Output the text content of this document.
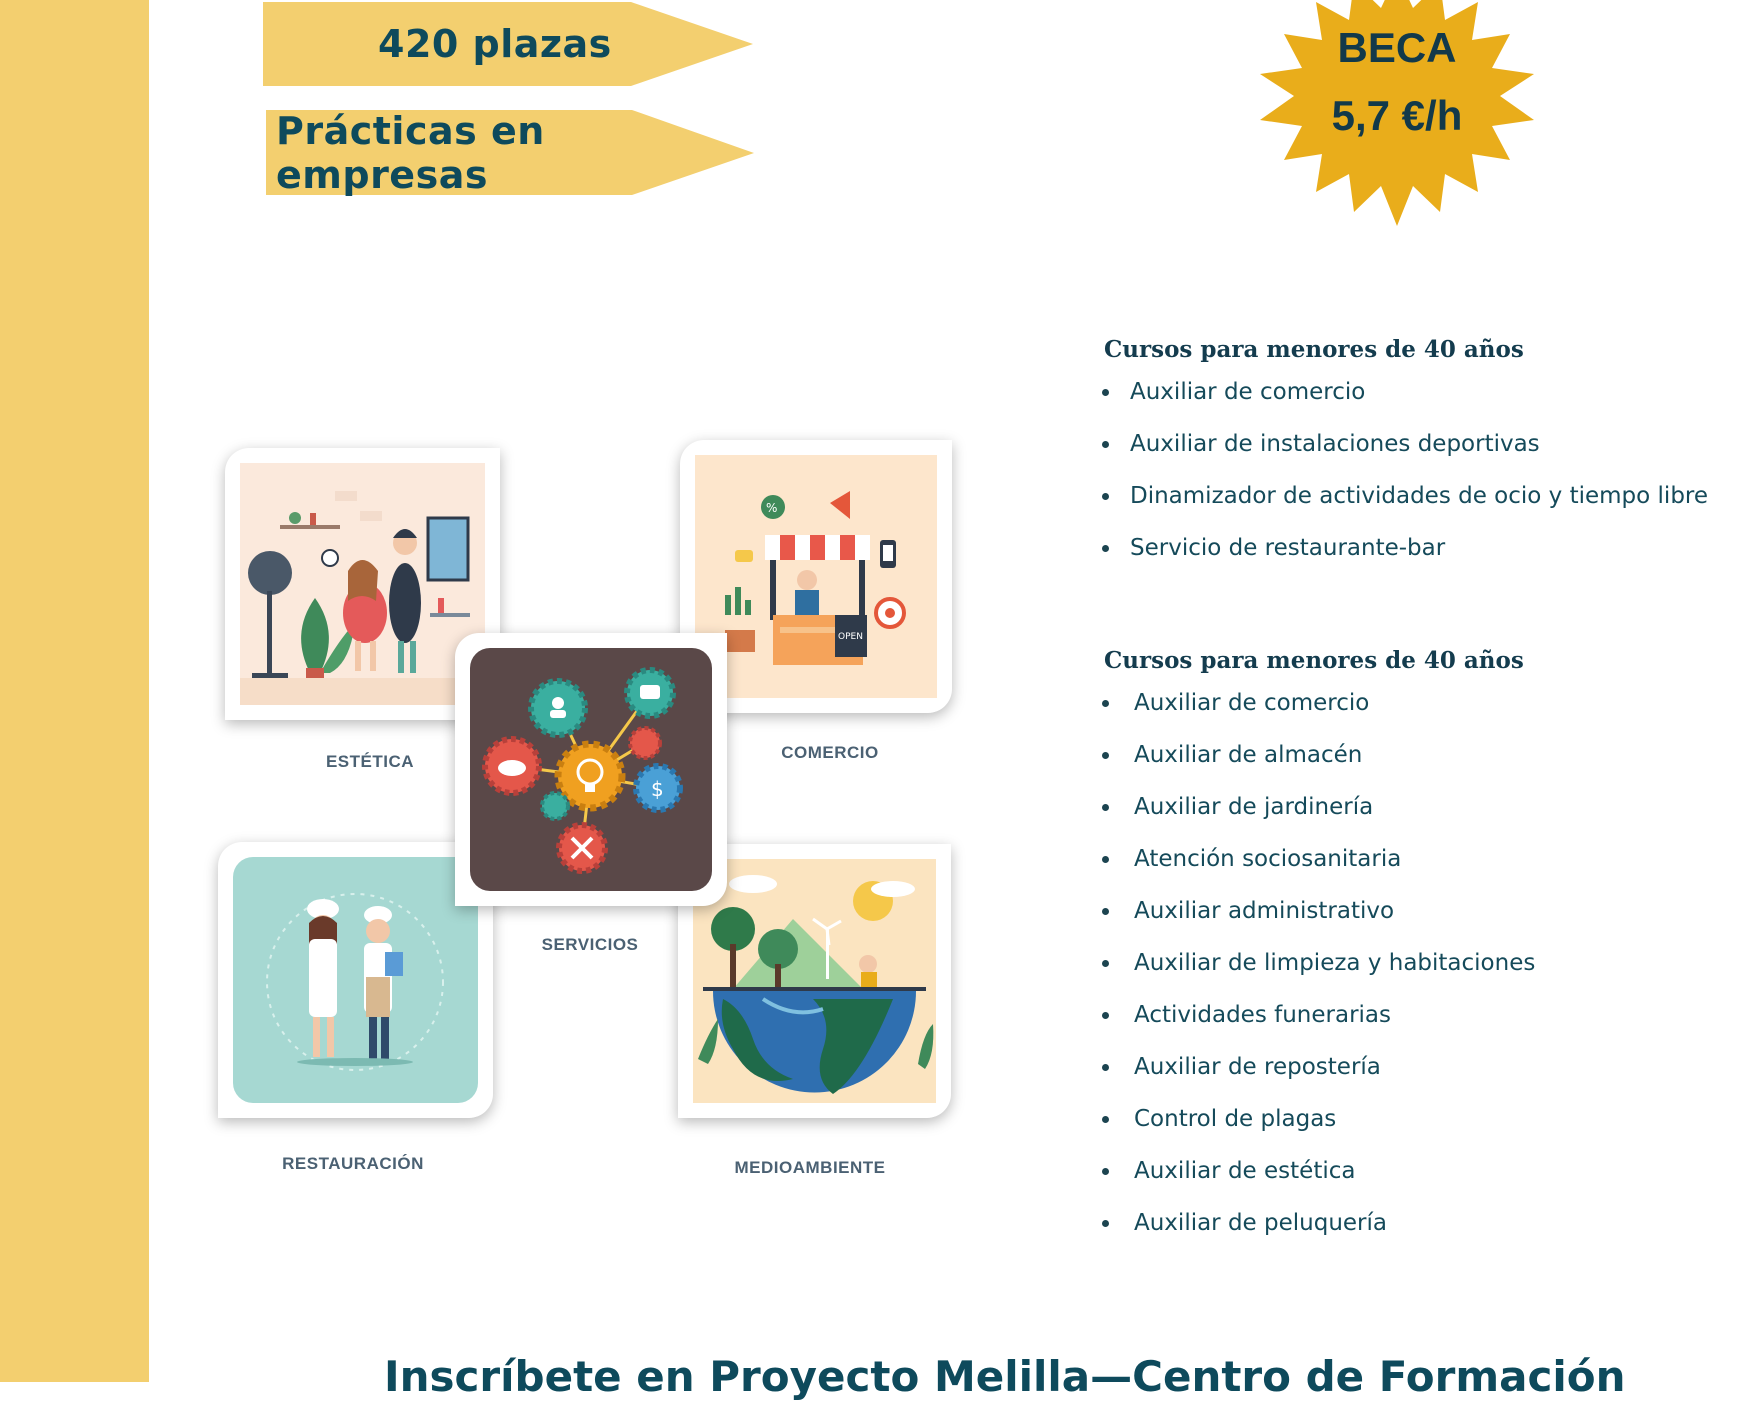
420 plazas
Prácticas en empresas
BECA
5,7 €/h
ESTÉTICA
%
OPEN
COMERCIO
RESTAURACIÓN	MEDIOAMBIENTE
$
SERVICIOS
Cursos para menores de 40 años
Auxiliar de comercio
Auxiliar de instalaciones deportivas
Dinamizador de actividades de ocio y tiempo libre
Servicio de restaurante-bar
Cursos para menores de 40 años
Auxiliar de comercio
Auxiliar de almacén
Auxiliar de jardinería
Atención sociosanitaria
Auxiliar administrativo
Auxiliar de limpieza y habitaciones
Actividades funerarias
Auxiliar de repostería
Control de plagas
Auxiliar de estética
Auxiliar de peluquería
Inscríbete en Proyecto Melilla—Centro de Formación
